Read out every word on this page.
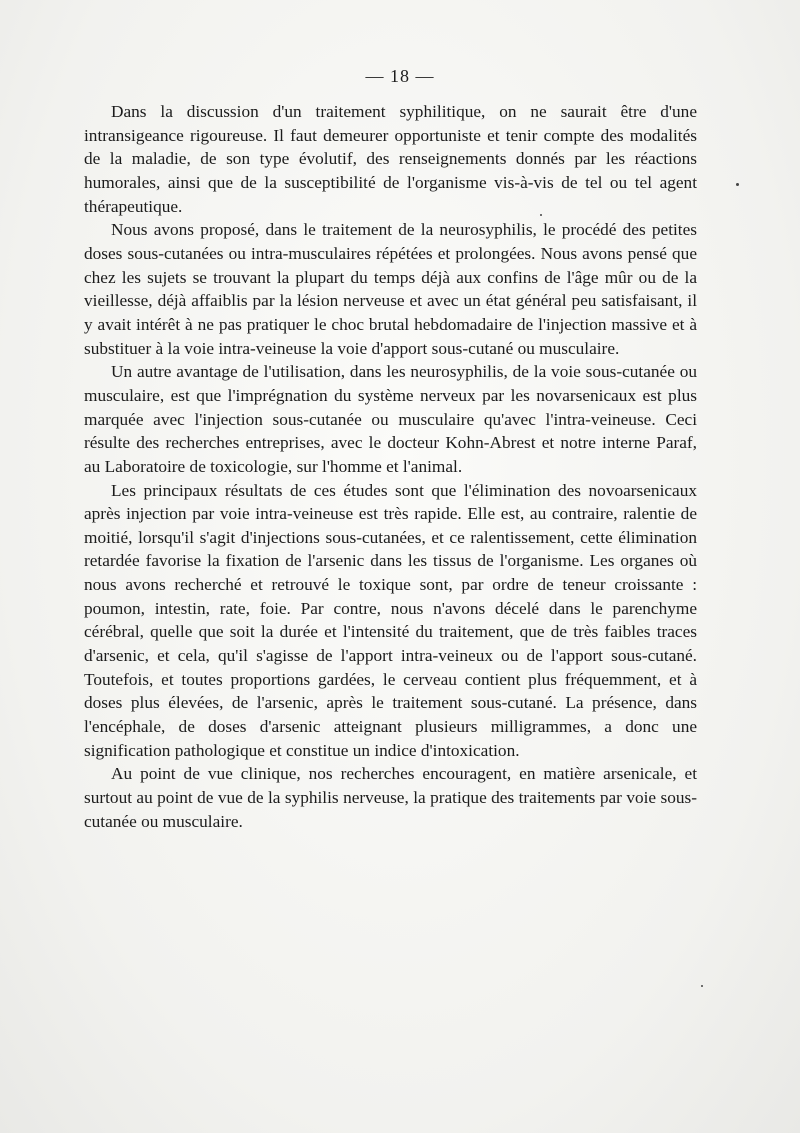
— 18 —

Dans la discussion d'un traitement syphilitique, on ne saurait être d'une intransigeance rigoureuse. Il faut demeurer opportuniste et tenir compte des modalités de la maladie, de son type évolutif, des renseignements donnés par les réactions humorales, ainsi que de la susceptibilité de l'organisme vis-à-vis de tel ou tel agent thérapeutique.

Nous avons proposé, dans le traitement de la neurosyphilis, le procédé des petites doses sous-cutanées ou intra-musculaires répétées et prolongées. Nous avons pensé que chez les sujets se trouvant la plupart du temps déjà aux confins de l'âge mûr ou de la vieillesse, déjà affaiblis par la lésion nerveuse et avec un état général peu satisfaisant, il y avait intérêt à ne pas pratiquer le choc brutal hebdomadaire de l'injection massive et à substituer à la voie intra-veineuse la voie d'apport sous-cutané ou musculaire.

Un autre avantage de l'utilisation, dans les neurosyphilis, de la voie sous-cutanée ou musculaire, est que l'imprégnation du système nerveux par les novarsenicaux est plus marquée avec l'injection sous-cutanée ou musculaire qu'avec l'intra-veineuse. Ceci résulte des recherches entreprises, avec le docteur Kohn-Abrest et notre interne Paraf, au Laboratoire de toxicologie, sur l'homme et l'animal.

Les principaux résultats de ces études sont que l'élimination des novoarsenicaux après injection par voie intra-veineuse est très rapide. Elle est, au contraire, ralentie de moitié, lorsqu'il s'agit d'injections sous-cutanées, et ce ralentissement, cette élimination retardée favorise la fixation de l'arsenic dans les tissus de l'organisme. Les organes où nous avons recherché et retrouvé le toxique sont, par ordre de teneur croissante : poumon, intestin, rate, foie. Par contre, nous n'avons décelé dans le parenchyme cérébral, quelle que soit la durée et l'intensité du traitement, que de très faibles traces d'arsenic, et cela, qu'il s'agisse de l'apport intra-veineux ou de l'apport sous-cutané. Toutefois, et toutes proportions gardées, le cerveau contient plus fréquemment, et à doses plus élevées, de l'arsenic, après le traitement sous-cutané. La présence, dans l'encéphale, de doses d'arsenic atteignant plusieurs milligrammes, a donc une signification pathologique et constitue un indice d'intoxication.

Au point de vue clinique, nos recherches encouragent, en matière arsenicale, et surtout au point de vue de la syphilis nerveuse, la pratique des traitements par voie sous-cutanée ou musculaire.
